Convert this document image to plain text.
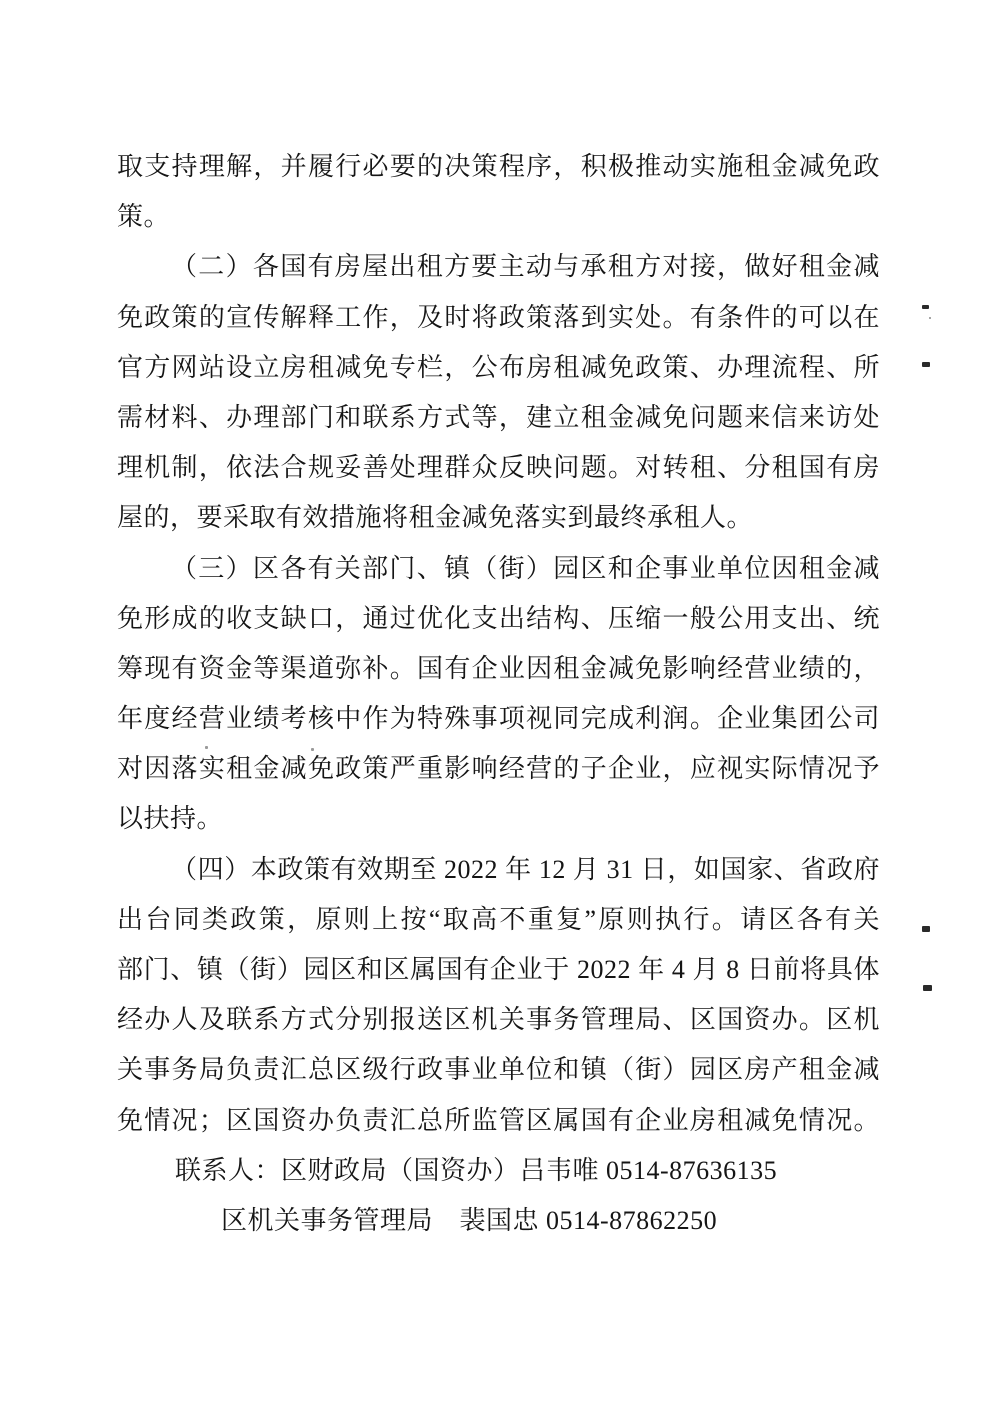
取支持理解，并履行必要的决策程序，积极推动实施租金减免政
策。
（二）各国有房屋出租方要主动与承租方对接，做好租金减
免政策的宣传解释工作，及时将政策落到实处。有条件的可以在
官方网站设立房租减免专栏，公布房租减免政策、办理流程、所
需材料、办理部门和联系方式等，建立租金减免问题来信来访处
理机制，依法合规妥善处理群众反映问题。对转租、分租国有房
屋的，要采取有效措施将租金减免落实到最终承租人。
（三）区各有关部门、镇（街）园区和企事业单位因租金减
免形成的收支缺口，通过优化支出结构、压缩一般公用支出、统
筹现有资金等渠道弥补。国有企业因租金减免影响经营业绩的，
年度经营业绩考核中作为特殊事项视同完成利润。企业集团公司
对因落实租金减免政策严重影响经营的子企业，应视实际情况予
以扶持。
（四）本政策有效期至 2022 年 12 月 31 日，如国家、省政府
出台同类政策，原则上按“取高不重复”原则执行。请区各有关
部门、镇（街）园区和区属国有企业于 2022 年 4 月 8 日前将具体
经办人及联系方式分别报送区机关事务管理局、区国资办。区机
关事务局负责汇总区级行政事业单位和镇（街）园区房产租金减
免情况；区国资办负责汇总所监管区属国有企业房租减免情况。
联系人：区财政局（国资办）吕韦唯 0514-87636135
区机关事务管理局　裴国忠 0514-87862250
